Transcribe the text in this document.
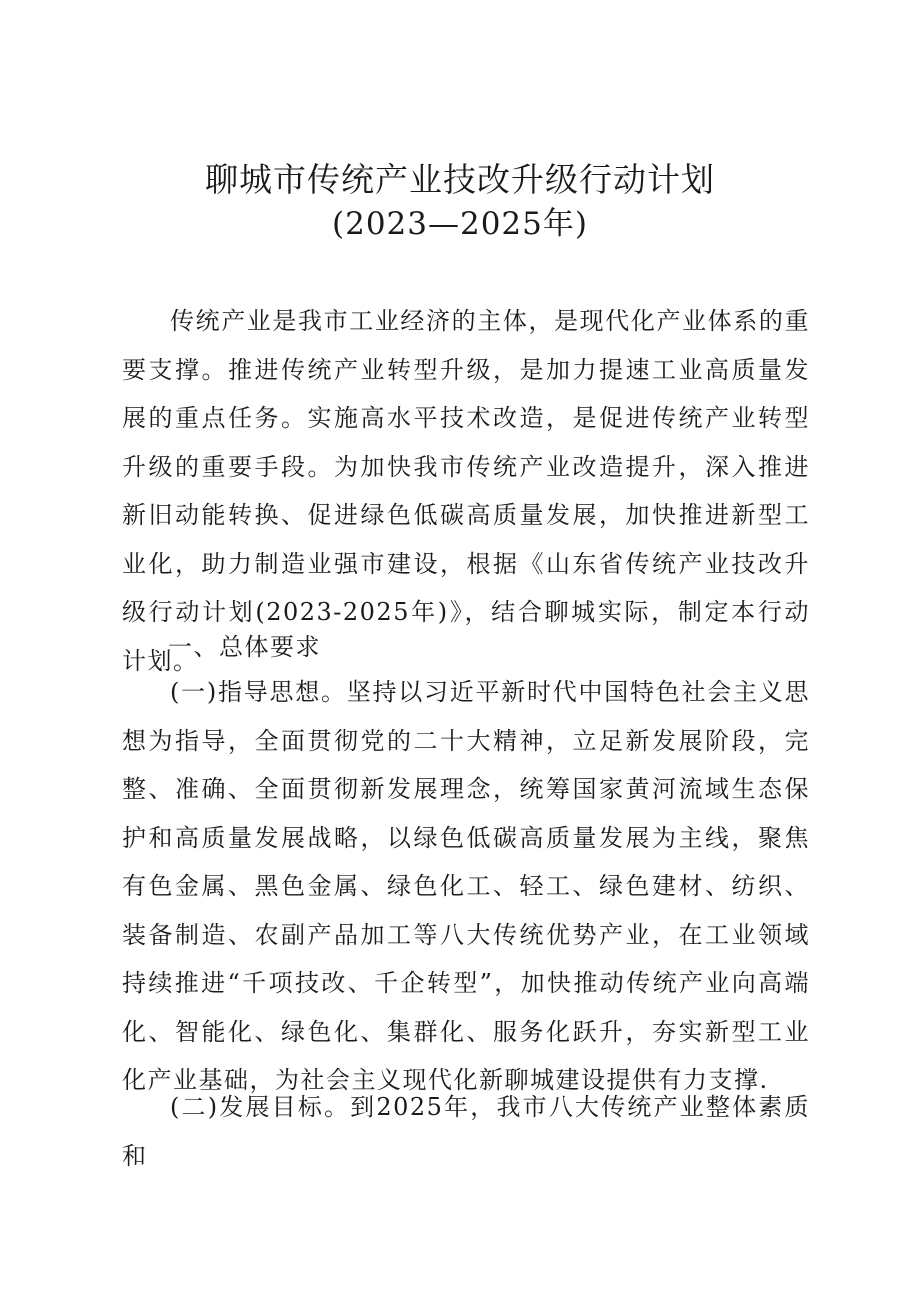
聊城市传统产业技改升级行动计划
(2023—2025年)
传统产业是我市工业经济的主体，是现代化产业体系的重要支撑。推进传统产业转型升级，是加力提速工业高质量发展的重点任务。实施高水平技术改造，是促进传统产业转型升级的重要手段。为加快我市传统产业改造提升，深入推进新旧动能转换、促进绿色低碳高质量发展，加快推进新型工业化，助力制造业强市建设，根据《山东省传统产业技改升级行动计划(2023-2025年)》，结合聊城实际，制定本行动计划。
一、总体要求
(一)指导思想。坚持以习近平新时代中国特色社会主义思想为指导，全面贯彻党的二十大精神，立足新发展阶段，完整、准确、全面贯彻新发展理念，统筹国家黄河流域生态保护和高质量发展战略，以绿色低碳高质量发展为主线，聚焦有色金属、黑色金属、绿色化工、轻工、绿色建材、纺织、装备制造、农副产品加工等八大传统优势产业，在工业领域持续推进“千项技改、千企转型”，加快推动传统产业向高端化、智能化、绿色化、集群化、服务化跃升，夯实新型工业化产业基础，为社会主义现代化新聊城建设提供有力支撑.
(二)发展目标。到2025年，我市八大传统产业整体素质和
